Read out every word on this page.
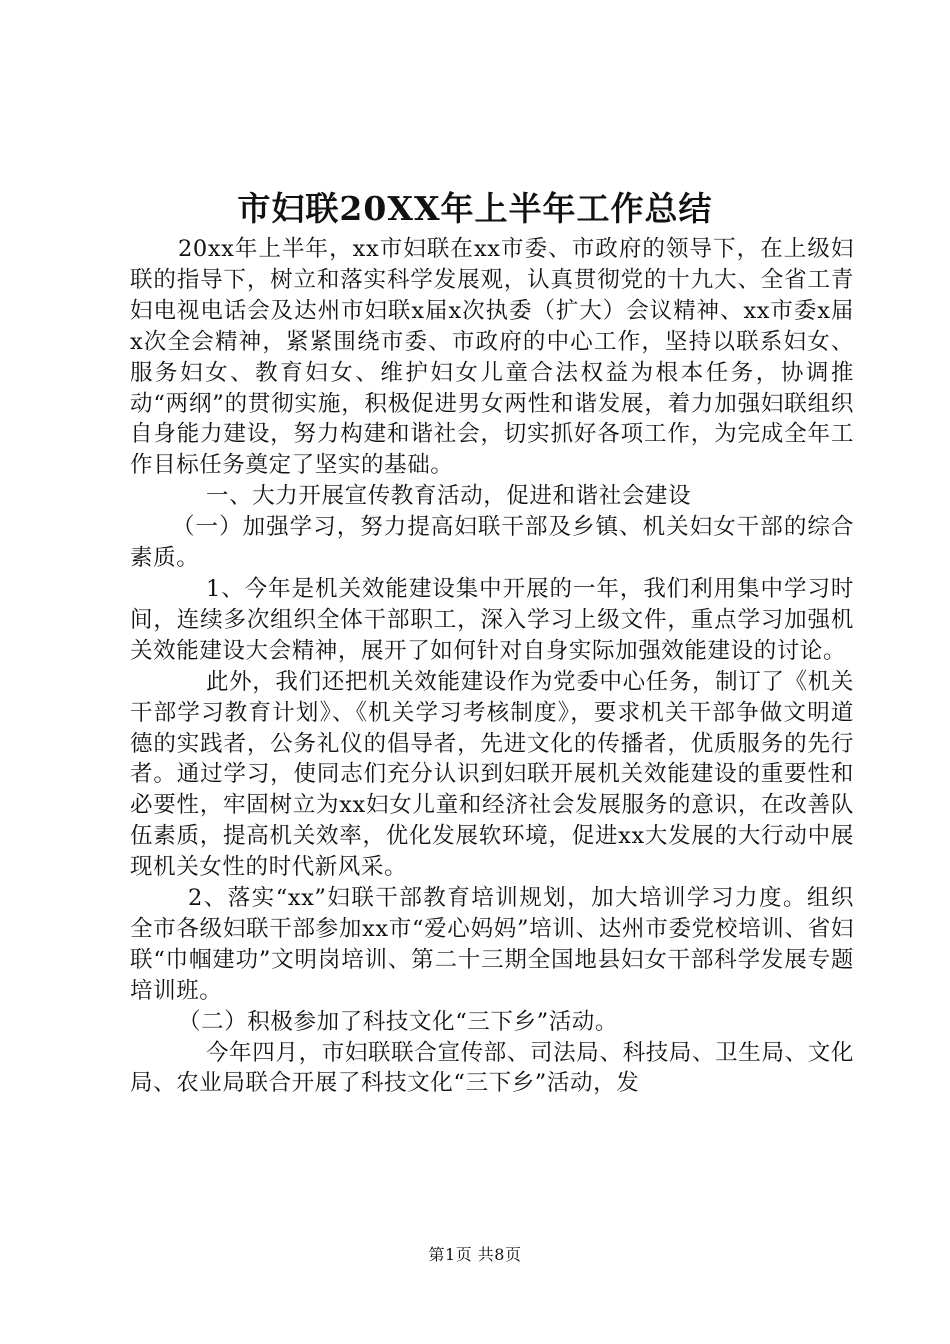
市妇联20XX年上半年工作总结

20xx年上半年，xx市妇联在xx市委、市政府的领导下，在上级妇联的指导下，树立和落实科学发展观，认真贯彻党的十九大、全省工青妇电视电话会及达州市妇联x届x次执委（扩大）会议精神、xx市委x届x次全会精神，紧紧围绕市委、市政府的中心工作，坚持以联系妇女、服务妇女、教育妇女、维护妇女儿童合法权益为根本任务，协调推动“两纲”的贯彻实施，积极促进男女两性和谐发展，着力加强妇联组织自身能力建设，努力构建和谐社会，切实抓好各项工作，为完成全年工作目标任务奠定了坚实的基础。

一、大力开展宣传教育活动，促进和谐社会建设

（一）加强学习，努力提高妇联干部及乡镇、机关妇女干部的综合素质。

1、今年是机关效能建设集中开展的一年，我们利用集中学习时间，连续多次组织全体干部职工，深入学习上级文件，重点学习加强机关效能建设大会精神，展开了如何针对自身实际加强效能建设的讨论。

此外，我们还把机关效能建设作为党委中心任务，制订了《机关干部学习教育计划》、《机关学习考核制度》，要求机关干部争做文明道德的实践者，公务礼仪的倡导者，先进文化的传播者，优质服务的先行者。通过学习，使同志们充分认识到妇联开展机关效能建设的重要性和必要性，牢固树立为xx妇女儿童和经济社会发展服务的意识，在改善队伍素质，提高机关效率，优化发展软环境，促进xx大发展的大行动中展现机关女性的时代新风采。

2、落实“xx”妇联干部教育培训规划，加大培训学习力度。组织全市各级妇联干部参加xx市“爱心妈妈”培训、达州市委党校培训、省妇联“巾帼建功”文明岗培训、第二十三期全国地县妇女干部科学发展专题培训班。

（二）积极参加了科技文化“三下乡”活动。

今年四月，市妇联联合宣传部、司法局、科技局、卫生局、文化局、农业局联合开展了科技文化“三下乡”活动，发

第1页 共8页
